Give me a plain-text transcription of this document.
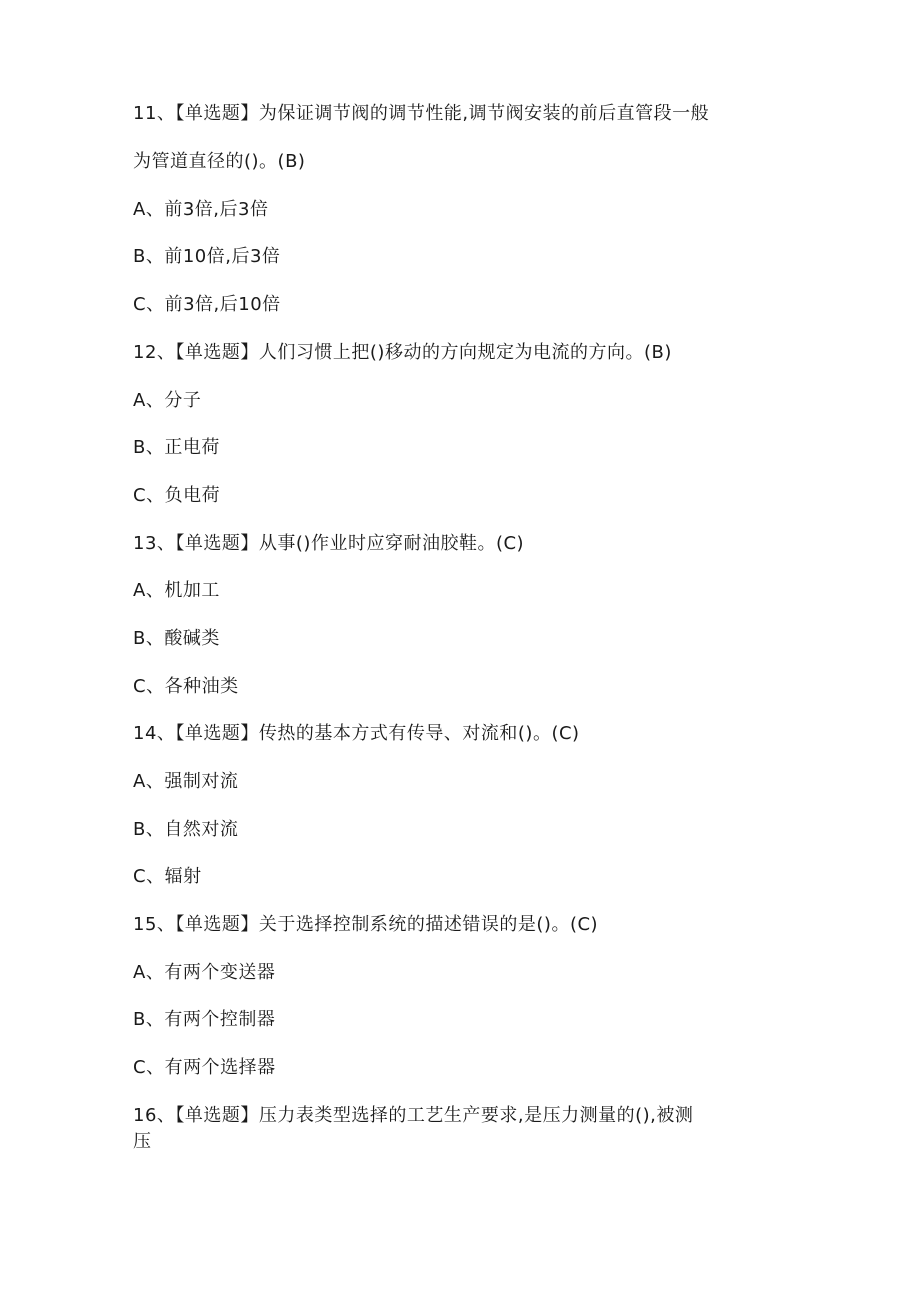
11、【单选题】为保证调节阀的调节性能,调节阀安装的前后直管段一般
为管道直径的()。(B)
A、前3倍,后3倍
B、前10倍,后3倍
C、前3倍,后10倍
12、【单选题】人们习惯上把()移动的方向规定为电流的方向。(B)
A、分子
B、正电荷
C、负电荷
13、【单选题】从事()作业时应穿耐油胶鞋。(C)
A、机加工
B、酸碱类
C、各种油类
14、【单选题】传热的基本方式有传导、对流和()。(C)
A、强制对流
B、自然对流
C、辐射
15、【单选题】关于选择控制系统的描述错误的是()。(C)
A、有两个变送器
B、有两个控制器
C、有两个选择器
16、【单选题】压力表类型选择的工艺生产要求,是压力测量的(),被测
压
